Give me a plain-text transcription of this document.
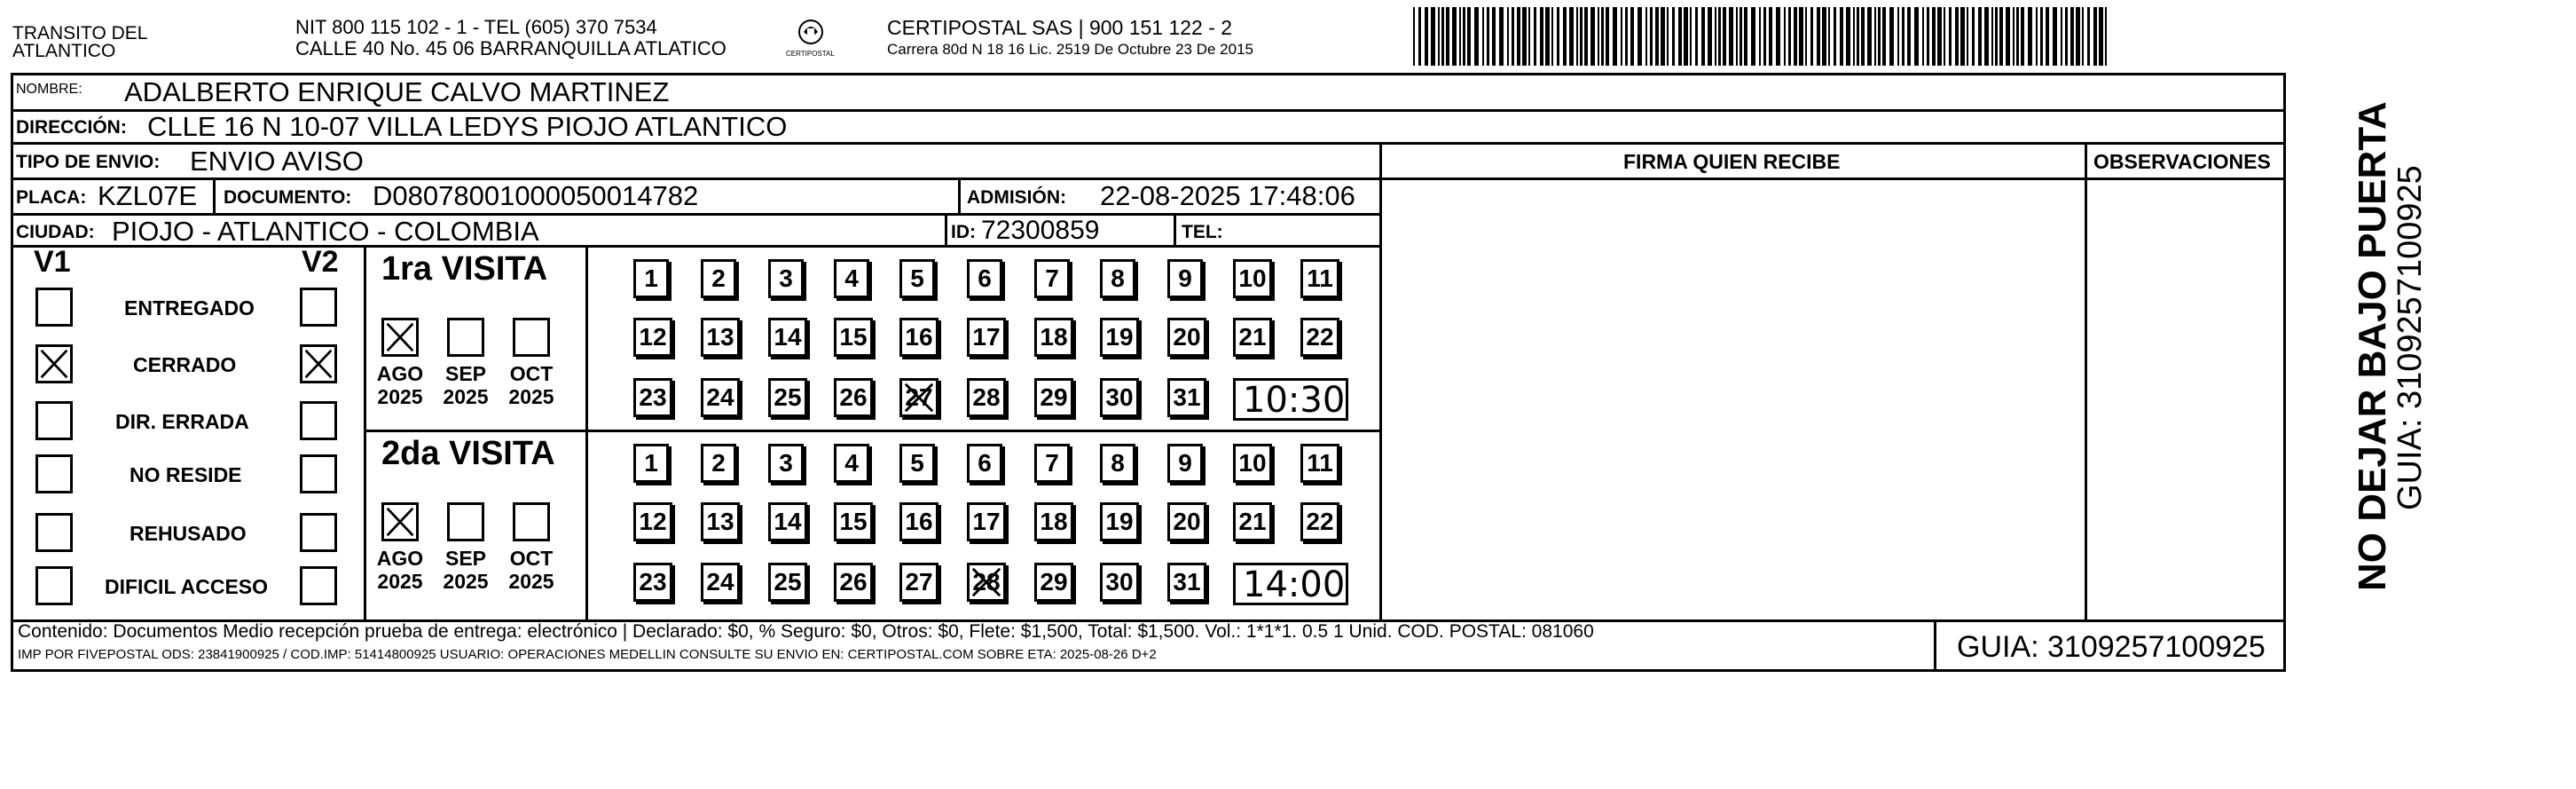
TRANSITO DEL
ATLANTICO
NIT 800 115 102 - 1 - TEL (605) 370 7534
CALLE 40 No. 45 06 BARRANQUILLA ATLATICO	CERTIPOSTAL
CERTIPOSTAL SAS | 900 151 122 - 2
Carrera 80d N 18 16 Lic. 2519 De Octubre 23 De 2015
NOMBRE: ADALBERTO ENRIQUE CALVO MARTINEZ
DIRECCIÓN: CLLE 16 N 10-07 VILLA LEDYS PIOJO ATLANTICO
TIPO DE ENVIO: ENVIO AVISO	FIRMA QUIEN RECIBE	OBSERVACIONES
PLACA: KZL07E DOCUMENTO: D08078001000050014782	ADMISIÓN: 22-08-2025 17:48:06
CIUDAD: PIOJO - ATLANTICO - COLOMBIA	ID: 72300859	TEL:
V1	V2
ENTREGADO
CERRADO
DIR. ERRADA
NO RESIDE
REHUSADO
DIFICIL ACCESO
1ra VISITA
AGO
2025
SEP
2025
OCT
2025
1	2	3	4	5	6	7	8	9	10 11
12 13 14 15 16 17 18 19 20 21 22
23 24 25 26 27 28 29 30 31 10:30
2da VISITA
AGO
2025
SEP
2025
OCT
2025
1	2	3	4	5	6	7	8	9	10 11
12 13 14 15 16 17 18 19 20 21 22
23 24 25 26 27 28 29 30 31 14:00
Contenido: Documentos Medio recepción prueba de entrega: electrónico | Declarado: $0, % Seguro: $0, Otros: $0, Flete: $1,500, Total: $1,500. Vol.: 1*1*1. 0.5 1 Unid. COD. POSTAL: 081060
IMP POR FIVEPOSTAL ODS: 23841900925 / COD.IMP: 51414800925 USUARIO: OPERACIONES MEDELLIN CONSULTE SU ENVIO EN: CERTIPOSTAL.COM SOBRE ETA: 2025-08-26 D+2	GUIA: 3109257100925
NO DEJAR BAJO PUERTA
GUIA: 3109257100925
